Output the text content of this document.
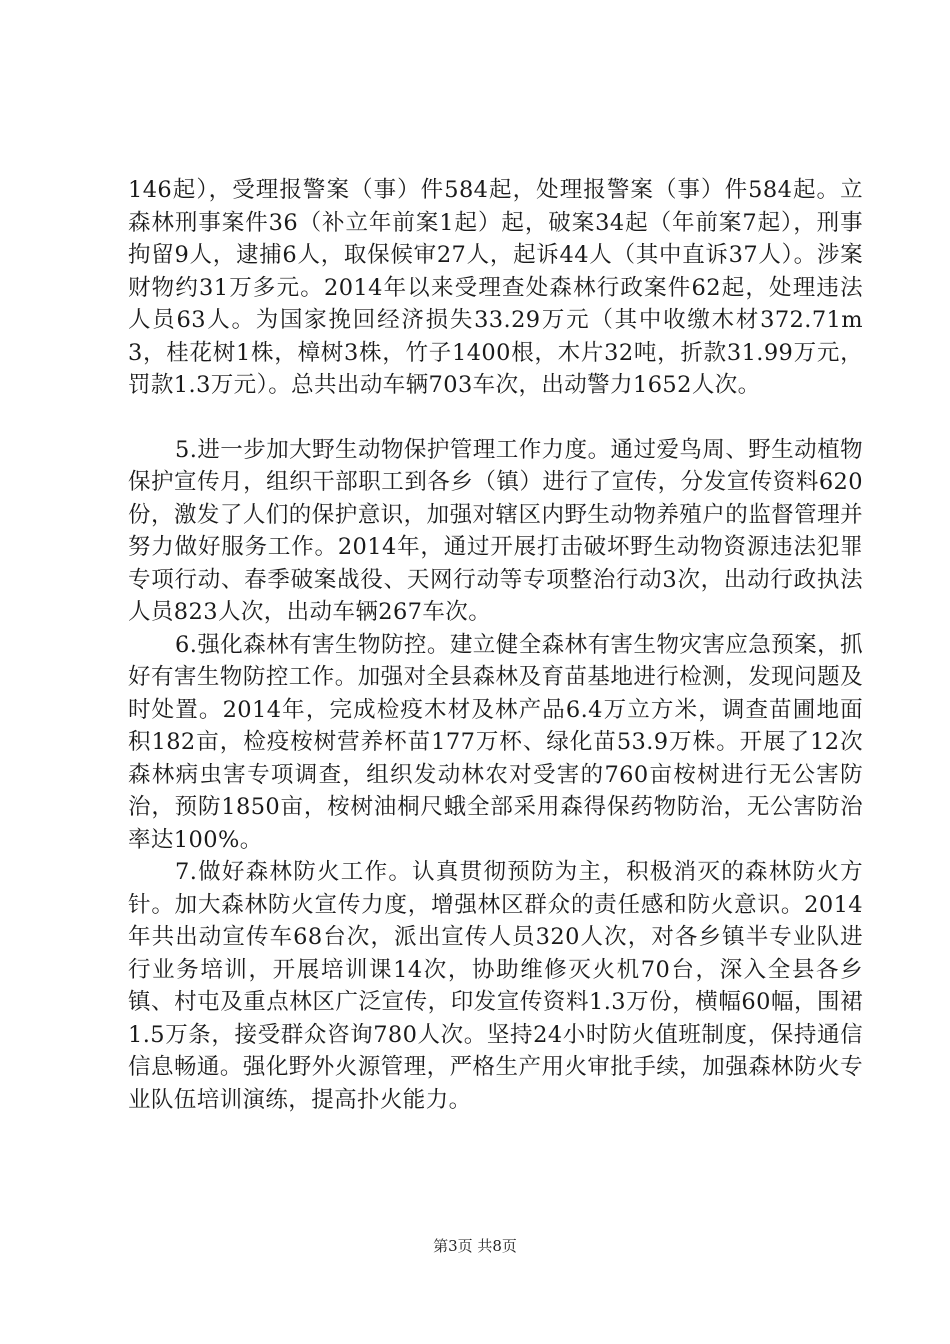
146起），受理报警案（事）件584起，处理报警案（事）件584起。立森林刑事案件36（补立年前案1起）起，破案34起（年前案7起），刑事拘留9人，逮捕6人，取保候审27人，起诉44人（其中直诉37人）。涉案财物约31万多元。2014年以来受理查处森林行政案件62起，处理违法人员63人。为国家挽回经济损失33.29万元（其中收缴木材372.71m3，桂花树1株，樟树3株，竹子1400根，木片32吨，折款31.99万元，罚款1.3万元）。总共出动车辆703车次，出动警力1652人次。

5.进一步加大野生动物保护管理工作力度。通过爱鸟周、野生动植物保护宣传月，组织干部职工到各乡（镇）进行了宣传，分发宣传资料620份，激发了人们的保护意识，加强对辖区内野生动物养殖户的监督管理并努力做好服务工作。2014年，通过开展打击破坏野生动物资源违法犯罪专项行动、春季破案战役、天网行动等专项整治行动3次，出动行政执法人员823人次，出动车辆267车次。

6.强化森林有害生物防控。建立健全森林有害生物灾害应急预案，抓好有害生物防控工作。加强对全县森林及育苗基地进行检测，发现问题及时处置。2014年，完成检疫木材及林产品6.4万立方米，调查苗圃地面积182亩，检疫桉树营养杯苗177万杯、绿化苗53.9万株。开展了12次森林病虫害专项调查，组织发动林农对受害的760亩桉树进行无公害防治，预防1850亩，桉树油桐尺蛾全部采用森得保药物防治，无公害防治率达100%。

7.做好森林防火工作。认真贯彻预防为主，积极消灭的森林防火方针。加大森林防火宣传力度，增强林区群众的责任感和防火意识。2014年共出动宣传车68台次，派出宣传人员320人次，对各乡镇半专业队进行业务培训，开展培训课14次，协助维修灭火机70台，深入全县各乡镇、村屯及重点林区广泛宣传，印发宣传资料1.3万份，横幅60幅，围裙1.5万条，接受群众咨询780人次。坚持24小时防火值班制度，保持通信信息畅通。强化野外火源管理，严格生产用火审批手续，加强森林防火专业队伍培训演练，提高扑火能力。

第3页 共8页
